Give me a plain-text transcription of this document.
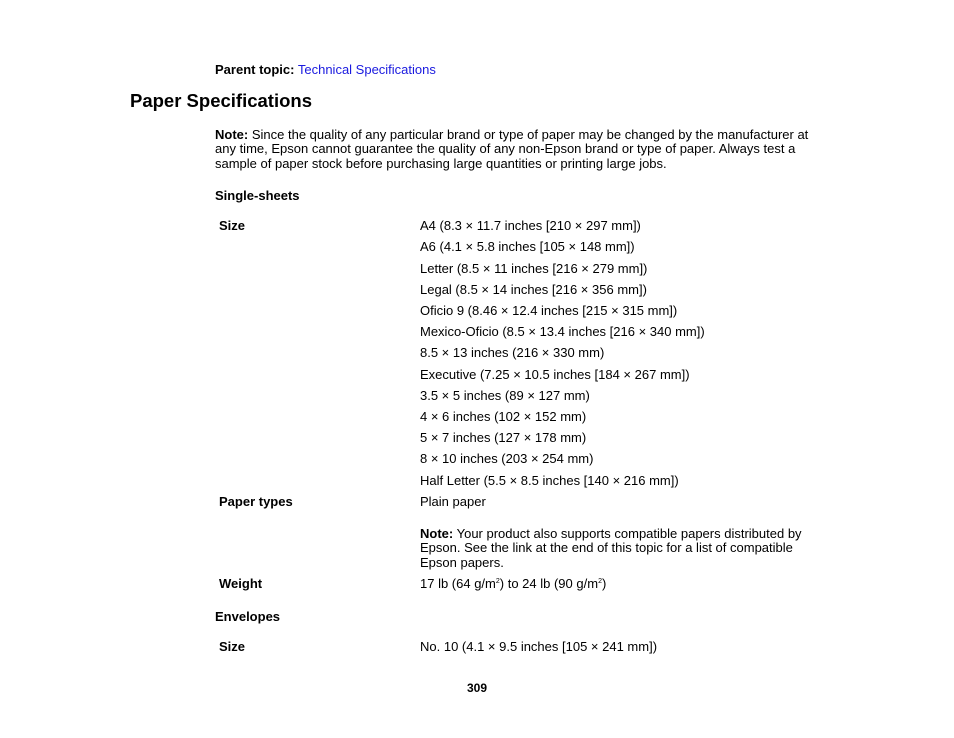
Parent topic: Technical Specifications
Paper Specifications
Note: Since the quality of any particular brand or type of paper may be changed by the manufacturer at any time, Epson cannot guarantee the quality of any non-Epson brand or type of paper. Always test a sample of paper stock before purchasing large quantities or printing large jobs.
Single-sheets
Size	A4 (8.3 × 11.7 inches [210 × 297 mm])
A6 (4.1 × 5.8 inches [105 × 148 mm])
Letter (8.5 × 11 inches [216 × 279 mm])
Legal (8.5 × 14 inches [216 × 356 mm])
Oficio 9 (8.46 × 12.4 inches [215 × 315 mm])
Mexico-Oficio (8.5 × 13.4 inches [216 × 340 mm])
8.5 × 13 inches (216 × 330 mm)
Executive (7.25 × 10.5 inches [184 × 267 mm])
3.5 × 5 inches (89 × 127 mm)
4 × 6 inches (102 × 152 mm)
5 × 7 inches (127 × 178 mm)
8 × 10 inches (203 × 254 mm)
Half Letter (5.5 × 8.5 inches [140 × 216 mm])
Paper types	Plain paper
Note: Your product also supports compatible papers distributed by Epson. See the link at the end of this topic for a list of compatible Epson papers.
Weight	17 lb (64 $g/m^2$) to 24 lb (90 $g/m^2$)
Envelopes
Size	No. 10 (4.1 × 9.5 inches [105 × 241 mm])
309
